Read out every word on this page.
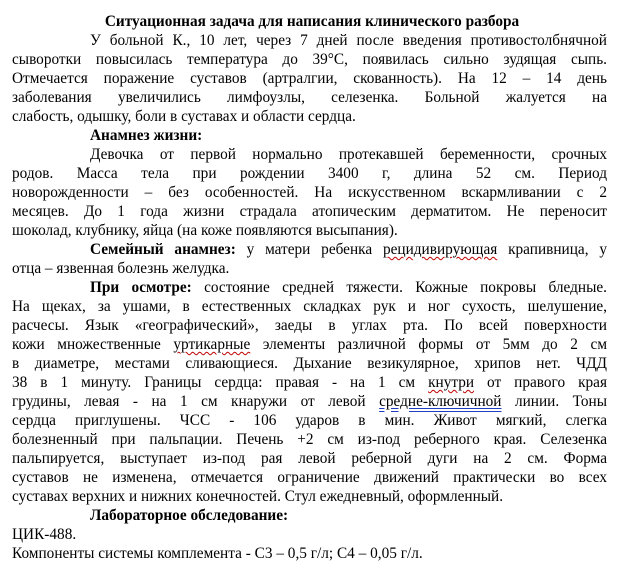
Ситуационная задача для написания клинического разбора
У больной К., 10 лет, через 7 дней после введения противостолбнячной
сыворотки повысилась температура до 39°С, появилась сильно зудящая сыпь.
Отмечается поражение суставов (артралгии, скованность). На 12 – 14 день
заболевания увеличились лимфоузлы, селезенка. Больной жалуется на
слабость, одышку, боли в суставах и области сердца.
Анамнез жизни:
Девочка от первой нормально протекавшей беременности, срочных
родов. Масса тела при рождении 3400 г, длина 52 см. Период
новорожденности – без особенностей. На искусственном вскармливании с 2
месяцев. До 1 года жизни страдала атопическим дерматитом. Не переносит
шоколад, клубнику, яйца (на коже появляются высыпания).
Семейный анамнез: у матери ребенка рецидивирующая крапивница, у
отца – язвенная болезнь желудка.
При осмотре: состояние средней тяжести. Кожные покровы бледные.
На щеках, за ушами, в естественных складках рук и ног сухость, шелушение,
расчесы. Язык «географический», заеды в углах рта. По всей поверхности
кожи множественные уртикарные элементы различной формы от 5мм до 2 см
в диаметре, местами сливающиеся. Дыхание везикулярное, хрипов нет. ЧДД
38 в 1 минуту. Границы сердца: правая - на 1 см кнутри от правого края
грудины, левая - на 1 см кнаружи от левой средне-ключичной линии. Тоны
сердца приглушены. ЧСС - 106 ударов в мин. Живот мягкий, слегка
болезненный при пальпации. Печень +2 см из-под реберного края. Селезенка
пальпируется, выступает из-под рая левой реберной дуги на 2 см. Форма
суставов не изменена, отмечается ограничение движений практически во всех
суставах верхних и нижних конечностей. Стул ежедневный, оформленный.
Лабораторное обследование:
ЦИК-488.
Компоненты системы комплемента - С3 – 0,5 г/л; С4 – 0,05 г/л.
